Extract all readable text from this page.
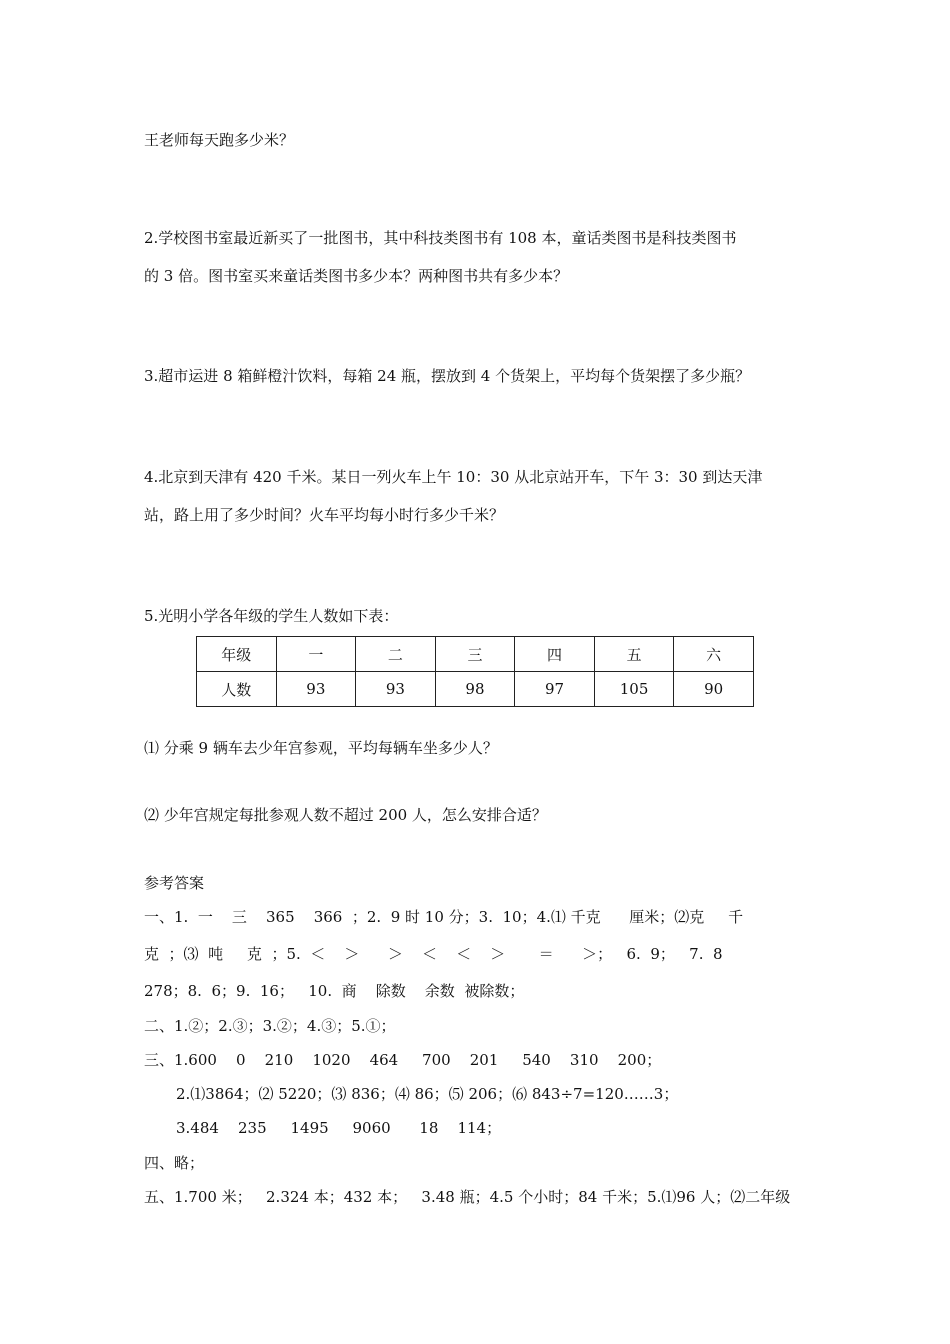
王老师每天跑多少米？
2.学校图书室最近新买了一批图书，其中科技类图书有 108 本，童话类图书是科技类图书
的 3 倍。图书室买来童话类图书多少本？两种图书共有多少本？
3.超市运进 8 箱鲜橙汁饮料，每箱 24 瓶，摆放到 4 个货架上，平均每个货架摆了多少瓶？
4.北京到天津有 420 千米。某日一列火车上午 10：30 从北京站开车，下午 3：30 到达天津
站，路上用了多少时间？火车平均每小时行多少千米？
5.光明小学各年级的学生人数如下表：
年级	一	二	三	四	五	六
人数	93	93	98	97	105	90
⑴ 分乘 9 辆车去少年宫参观，平均每辆车坐多少人？
⑵ 少年宫规定每批参观人数不超过 200 人，怎么安排合适？
参考答案
一、1.  一    三    365    366  ；2.  9 时 10 分；3.  10；4.⑴ 千克      厘米；⑵克     千
克  ；⑶  吨     克  ；5.  ＜    ＞      ＞    ＜    ＜    ＞       ＝      ＞；   6.  9；   7.  8
278；8.  6；9.  16；   10.  商    除数    余数  被除数；
二、1.②；2.③；3.②；4.③；5.①；
三、1.600    0    210    1020    464     700    201     540    310    200；
2.⑴3864；⑵ 5220；⑶ 836；⑷ 86；⑸ 206；⑹ 843÷7=120……3；
3.484    235     1495     9060      18    114；
四、略；
五、1.700 米；   2.324 本；432 本；   3.48 瓶；4.5 个小时；84 千米；5.⑴96 人；⑵二年级
